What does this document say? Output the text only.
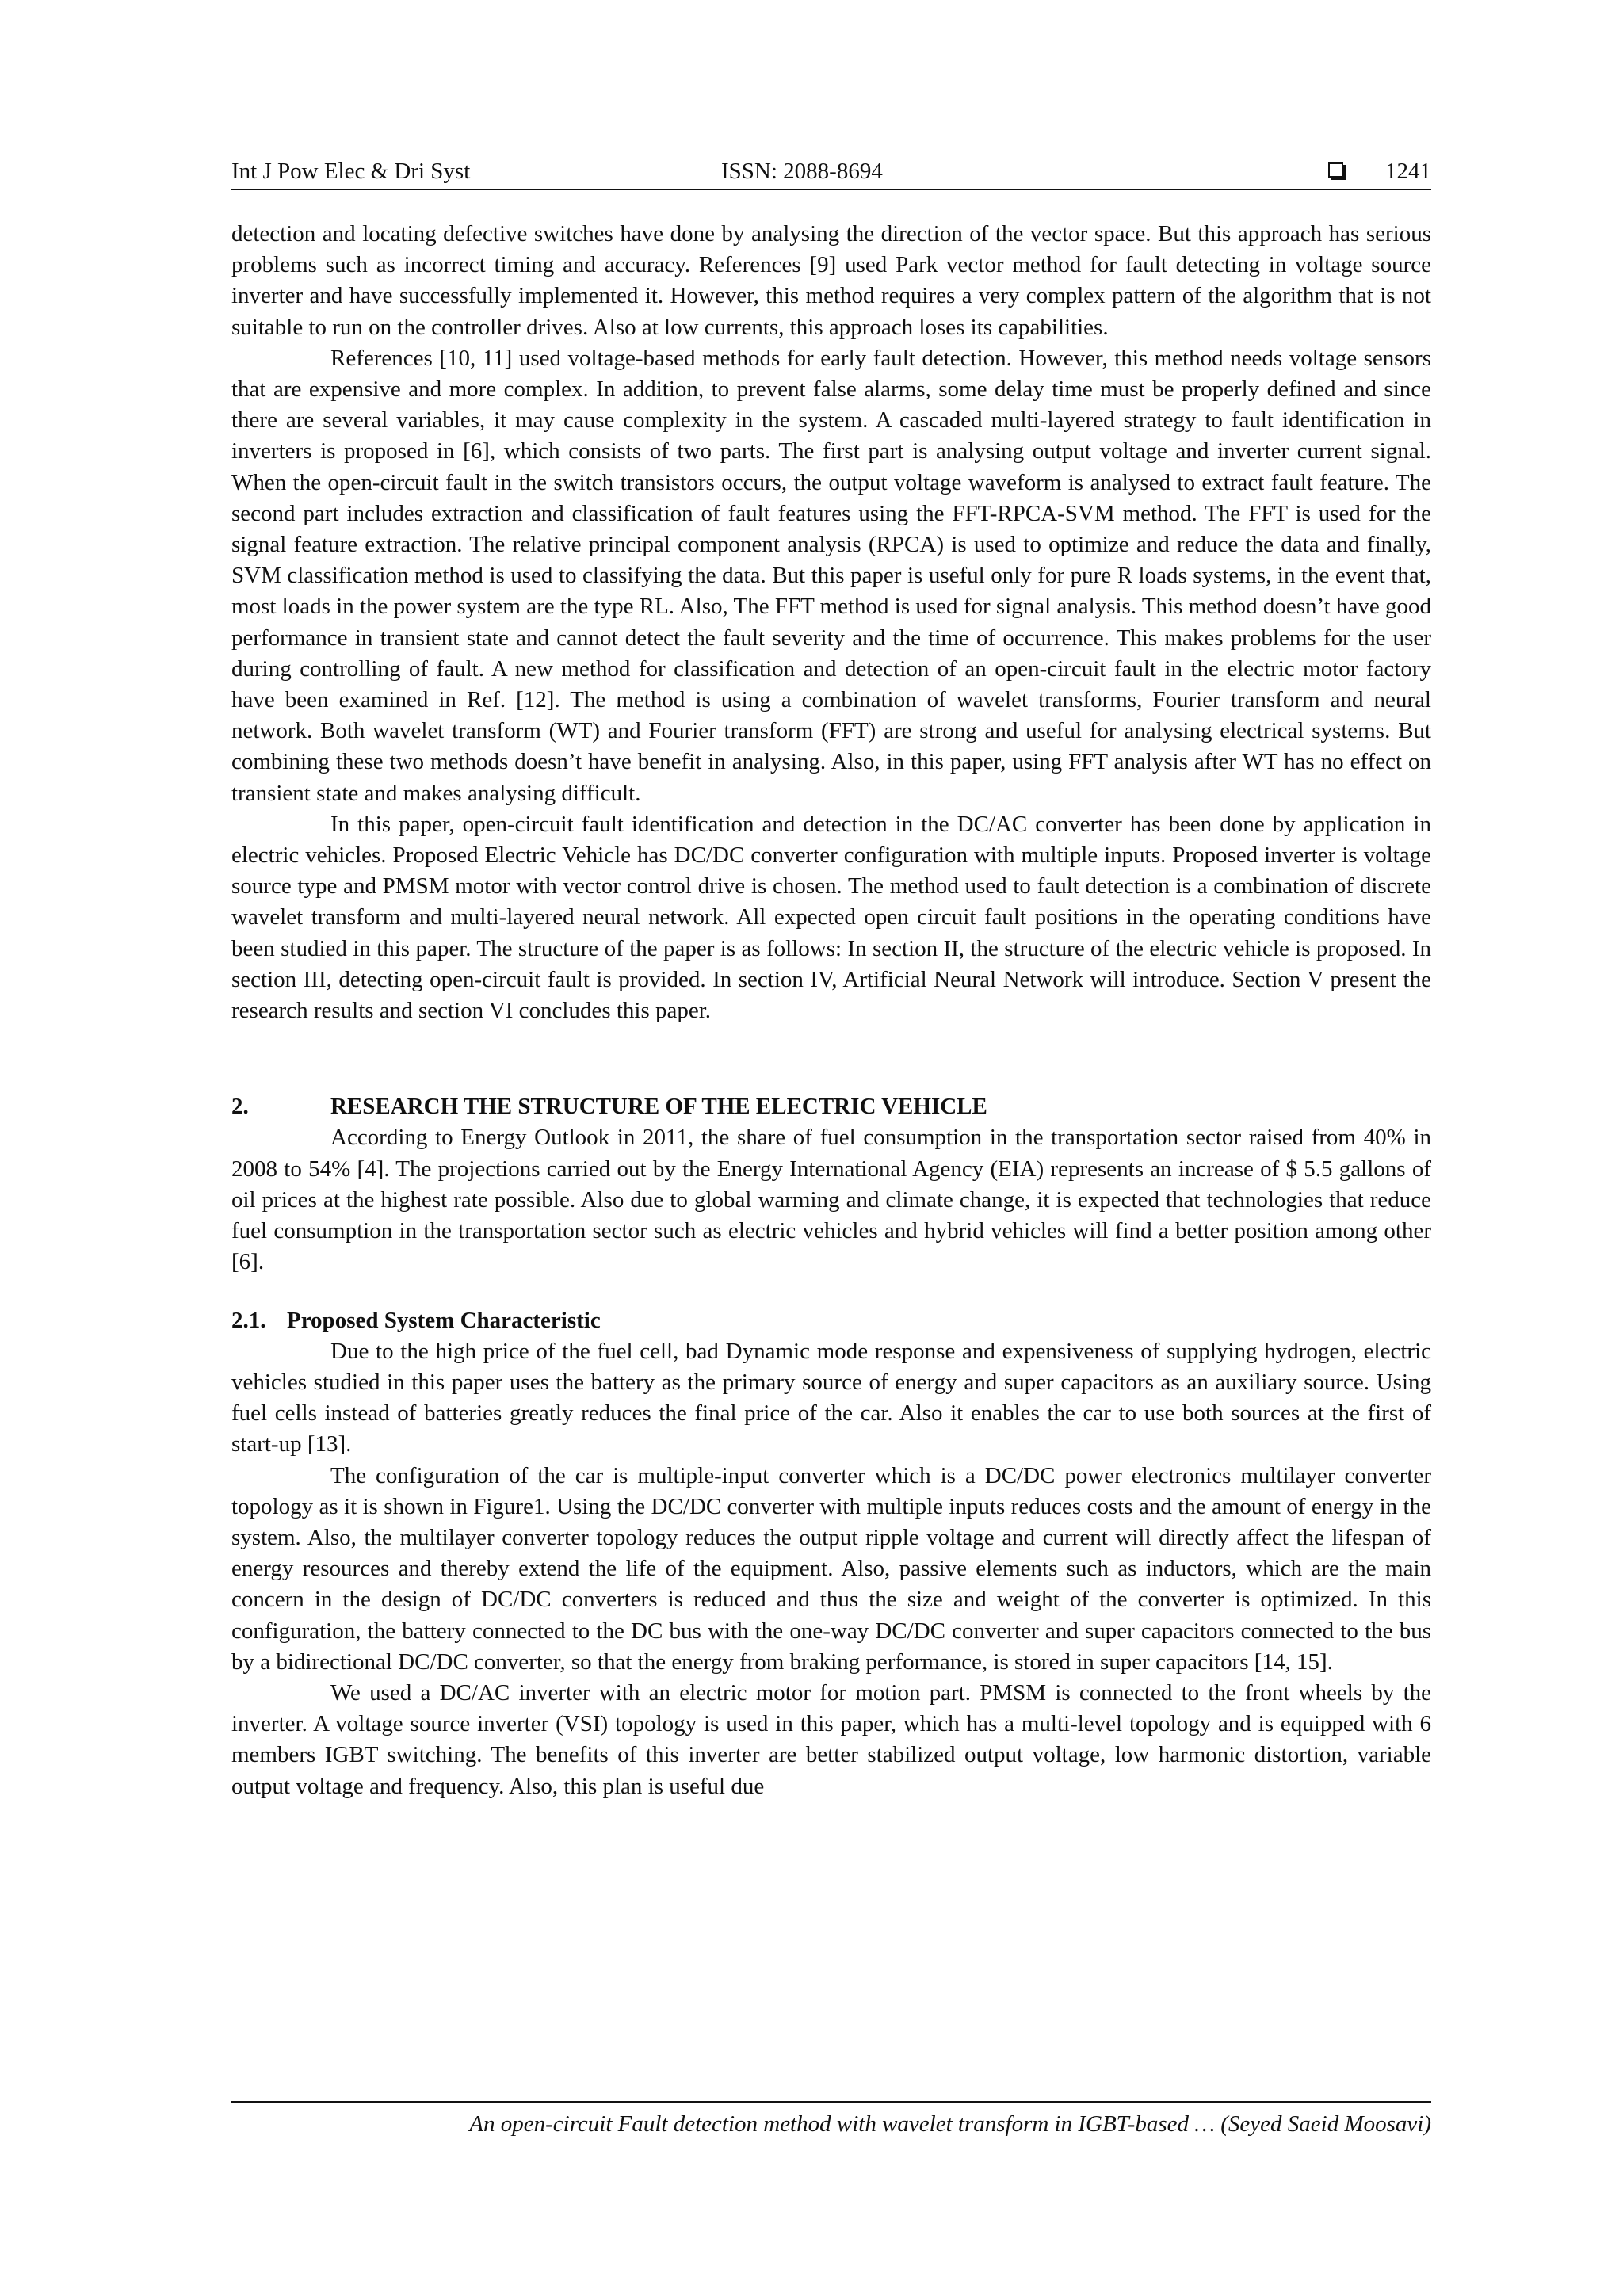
Int J Pow Elec & Dri Syst	ISSN: 2088-8694	1241

detection and locating defective switches have done by analysing the direction of the vector space. But this approach has serious problems such as incorrect timing and accuracy. References [9] used Park vector method for fault detecting in voltage source inverter and have successfully implemented it. However, this method requires a very complex pattern of the algorithm that is not suitable to run on the controller drives. Also at low currents, this approach loses its capabilities.

References [10, 11] used voltage-based methods for early fault detection. However, this method needs voltage sensors that are expensive and more complex. In addition, to prevent false alarms, some delay time must be properly defined and since there are several variables, it may cause complexity in the system. A cascaded multi-layered strategy to fault identification in inverters is proposed in [6], which consists of two parts. The first part is analysing output voltage and inverter current signal. When the open-circuit fault in the switch transistors occurs, the output voltage waveform is analysed to extract fault feature. The second part includes extraction and classification of fault features using the FFT-RPCA-SVM method. The FFT is used for the signal feature extraction. The relative principal component analysis (RPCA) is used to optimize and reduce the data and finally, SVM classification method is used to classifying the data. But this paper is useful only for pure R loads systems, in the event that, most loads in the power system are the type RL. Also, The FFT method is used for signal analysis. This method doesn’t have good performance in transient state and cannot detect the fault severity and the time of occurrence. This makes problems for the user during controlling of fault. A new method for classification and detection of an open-circuit fault in the electric motor factory have been examined in Ref. [12]. The method is using a combination of wavelet transforms, Fourier transform and neural network. Both wavelet transform (WT) and Fourier transform (FFT) are strong and useful for analysing electrical systems. But combining these two methods doesn’t have benefit in analysing. Also, in this paper, using FFT analysis after WT has no effect on transient state and makes analysing difficult.

In this paper, open-circuit fault identification and detection in the DC/AC converter has been done by application in electric vehicles. Proposed Electric Vehicle has DC/DC converter configuration with multiple inputs. Proposed inverter is voltage source type and PMSM motor with vector control drive is chosen. The method used to fault detection is a combination of discrete wavelet transform and multi-layered neural network. All expected open circuit fault positions in the operating conditions have been studied in this paper. The structure of the paper is as follows: In section II, the structure of the electric vehicle is proposed. In section III, detecting open-circuit fault is provided. In section IV, Artificial Neural Network will introduce. Section V present the research results and section VI concludes this paper.

2.	RESEARCH THE STRUCTURE OF THE ELECTRIC VEHICLE

According to Energy Outlook in 2011, the share of fuel consumption in the transportation sector raised from 40% in 2008 to 54% [4]. The projections carried out by the Energy International Agency (EIA) represents an increase of $ 5.5 gallons of oil prices at the highest rate possible. Also due to global warming and climate change, it is expected that technologies that reduce fuel consumption in the transportation sector such as electric vehicles and hybrid vehicles will find a better position among other [6].

2.1. Proposed System Characteristic

Due to the high price of the fuel cell, bad Dynamic mode response and expensiveness of supplying hydrogen, electric vehicles studied in this paper uses the battery as the primary source of energy and super capacitors as an auxiliary source. Using fuel cells instead of batteries greatly reduces the final price of the car. Also it enables the car to use both sources at the first of start-up [13].

The configuration of the car is multiple-input converter which is a DC/DC power electronics multilayer converter topology as it is shown in Figure1. Using the DC/DC converter with multiple inputs reduces costs and the amount of energy in the system. Also, the multilayer converter topology reduces the output ripple voltage and current will directly affect the lifespan of energy resources and thereby extend the life of the equipment. Also, passive elements such as inductors, which are the main concern in the design of DC/DC converters is reduced and thus the size and weight of the converter is optimized. In this configuration, the battery connected to the DC bus with the one-way DC/DC converter and super capacitors connected to the bus by a bidirectional DC/DC converter, so that the energy from braking performance, is stored in super capacitors [14, 15].

We used a DC/AC inverter with an electric motor for motion part. PMSM is connected to the front wheels by the inverter. A voltage source inverter (VSI) topology is used in this paper, which has a multi-level topology and is equipped with 6 members IGBT switching. The benefits of this inverter are better stabilized output voltage, low harmonic distortion, variable output voltage and frequency. Also, this plan is useful due

An open-circuit Fault detection method with wavelet transform in IGBT-based … (Seyed Saeid Moosavi)
